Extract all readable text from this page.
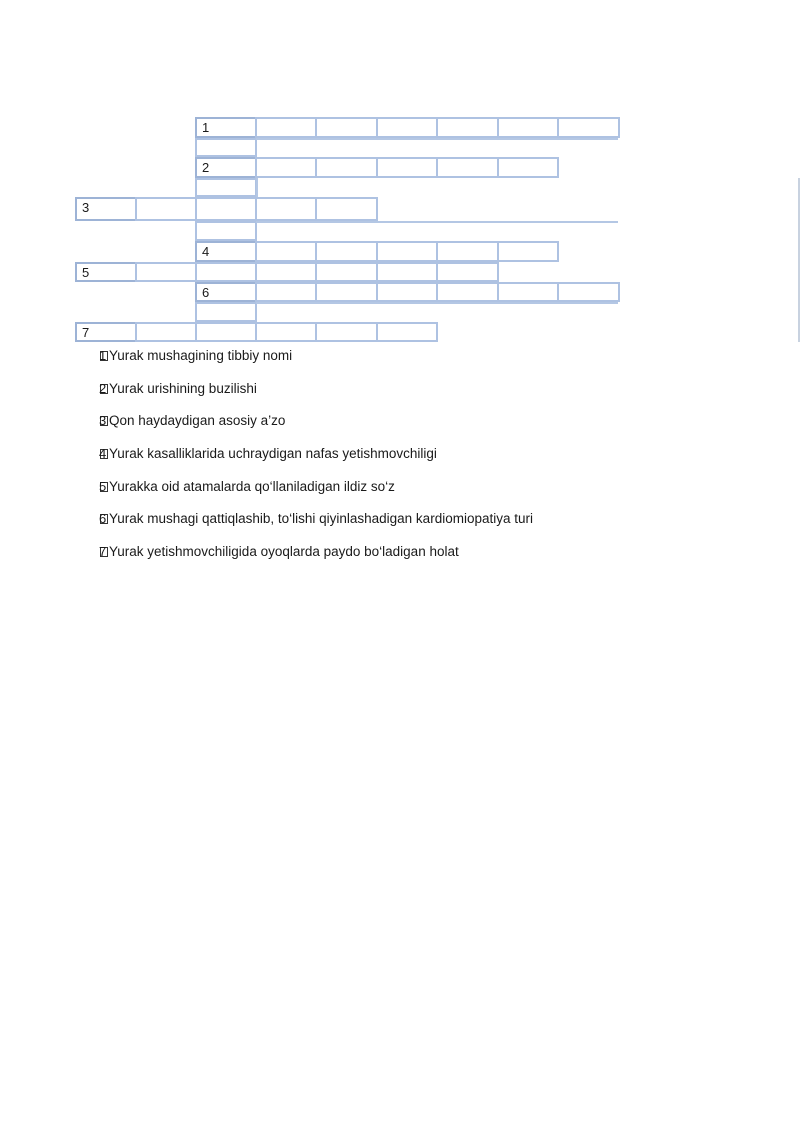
1
2
3
4
5
6
7
1 Yurak mushagining tibbiy nomi
2 Yurak urishining buzilishi
3 Qon haydaydigan asosiy a’zo
4 Yurak kasalliklarida uchraydigan nafas yetishmovchiligi
5 Yurakka oid atamalarda qo‘llaniladigan ildiz so‘z
6 Yurak mushagi qattiqlashib, to‘lishi qiyinlashadigan kardiomiopatiya turi
7 Yurak yetishmovchiligida oyoqlarda paydo bo‘ladigan holat
